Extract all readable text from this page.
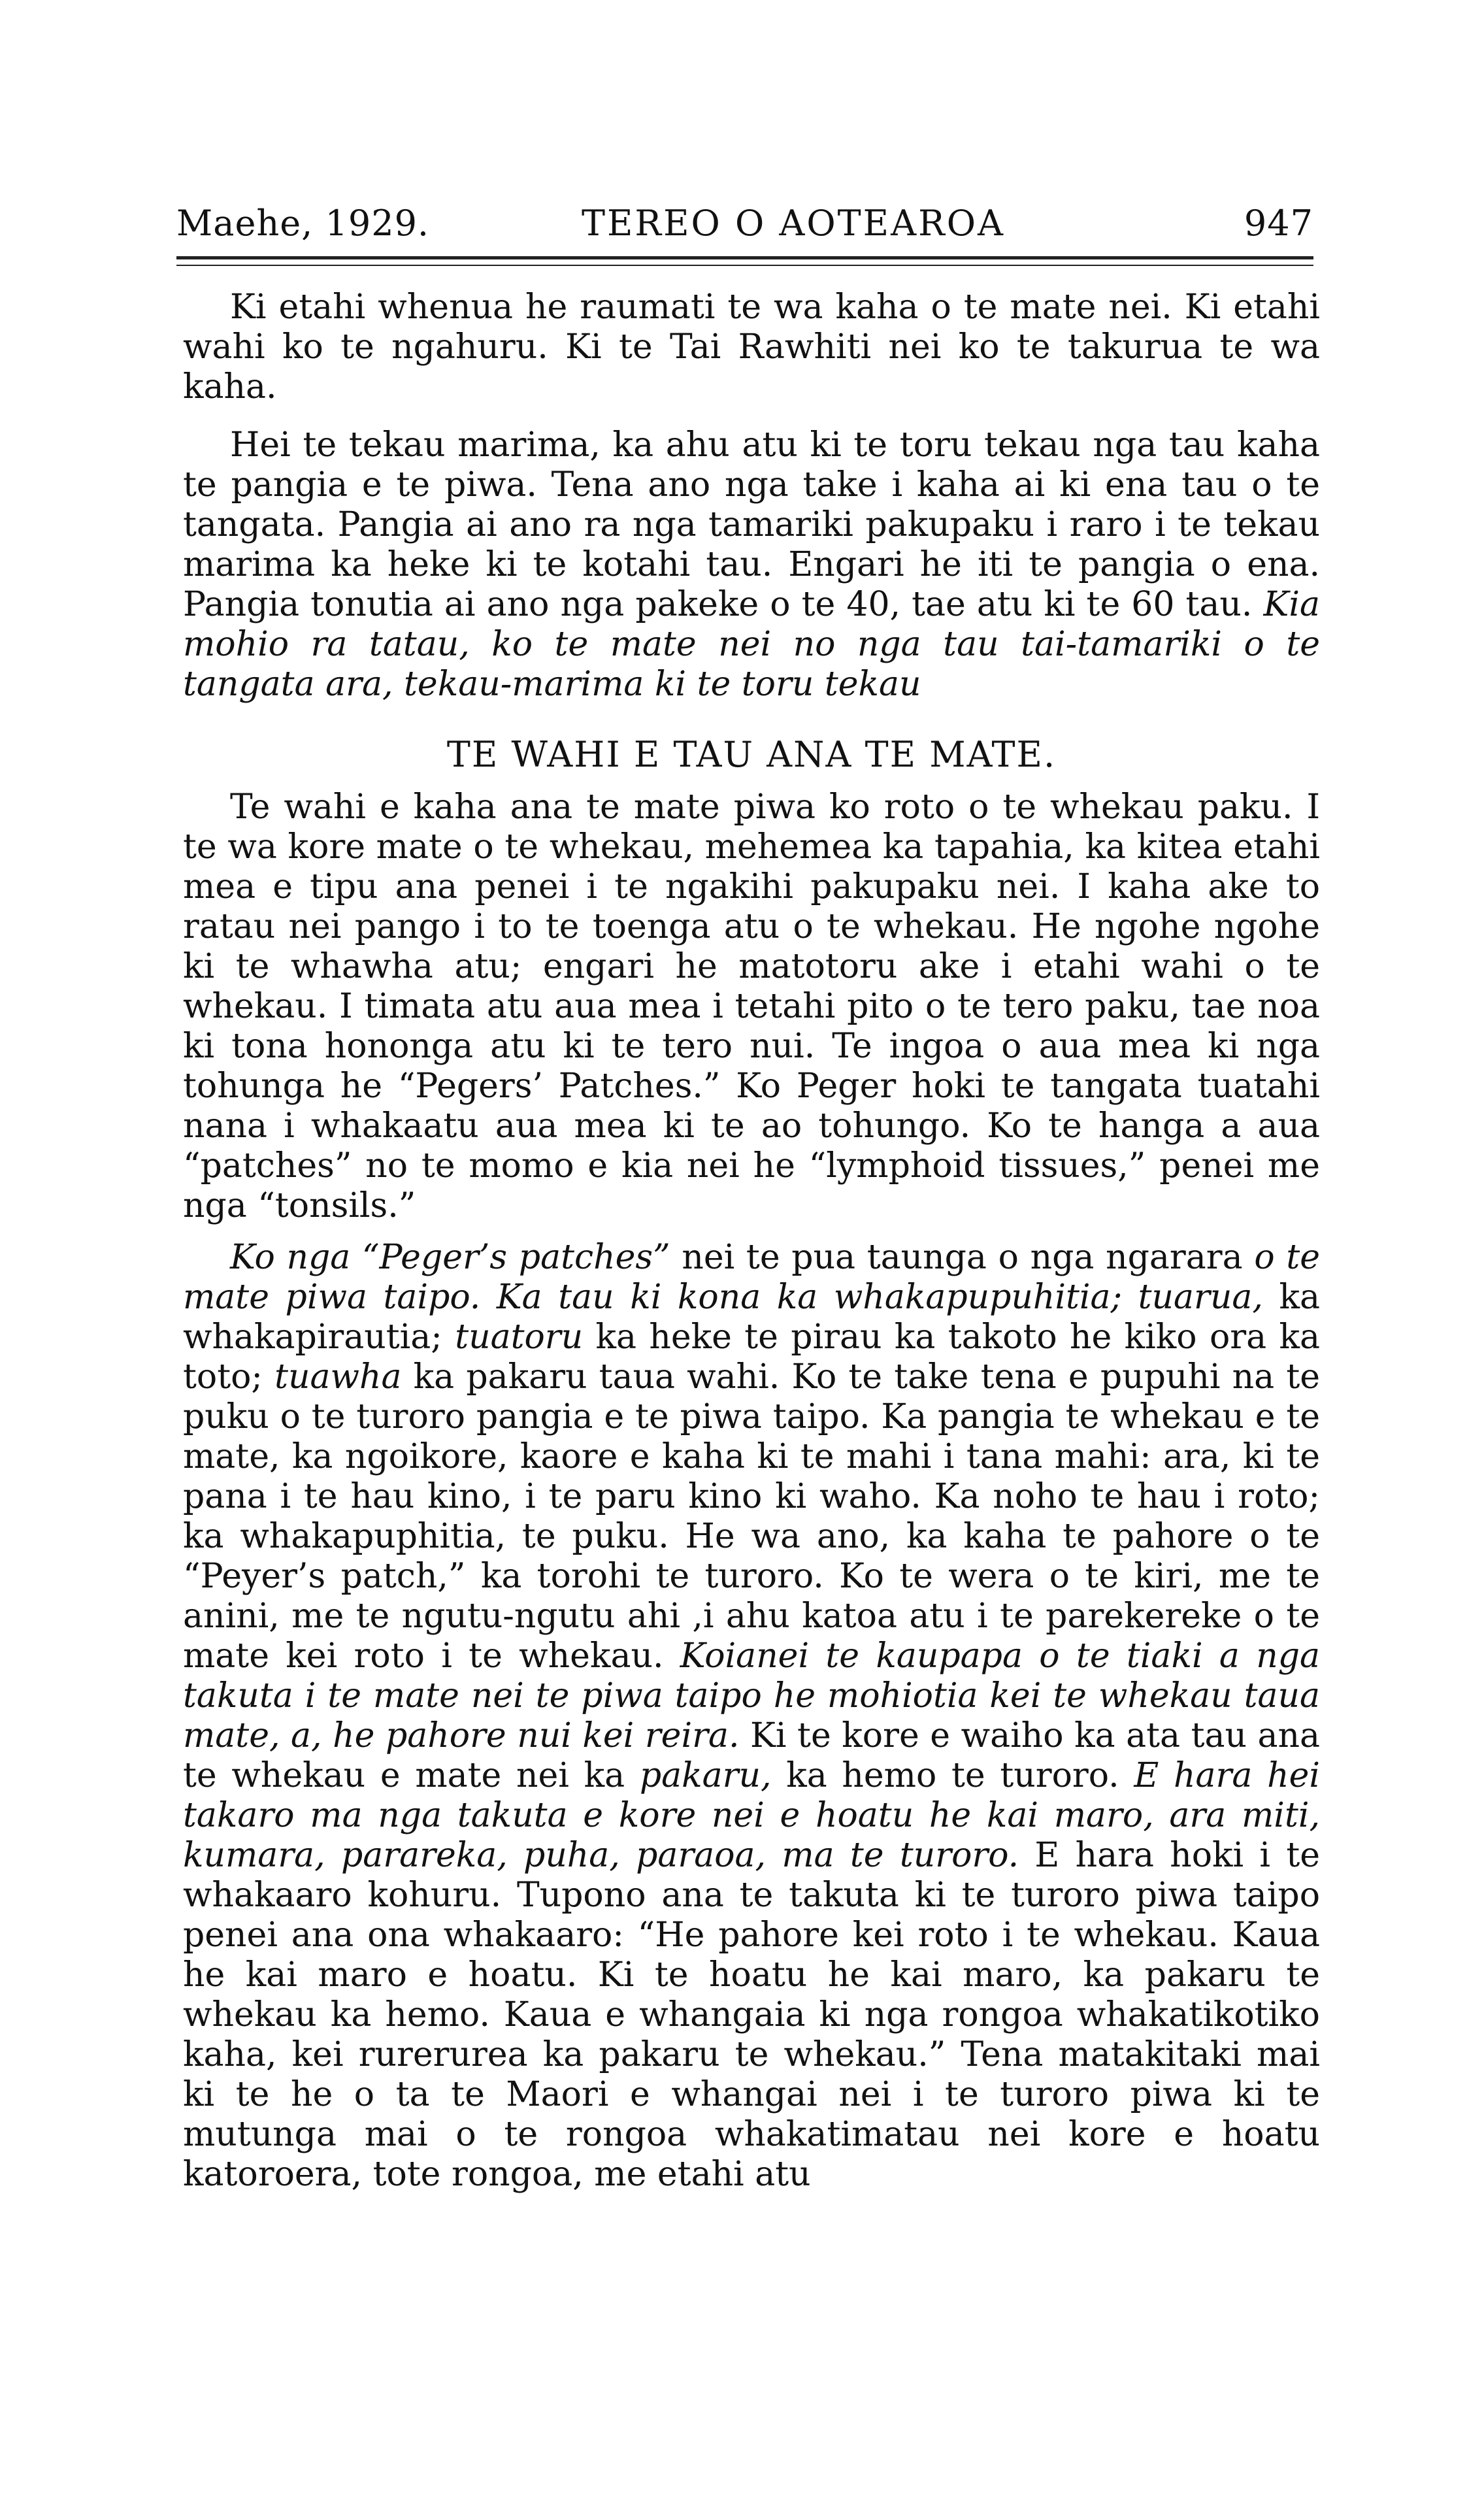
Maehe, 1929.	TEREO O AOTEAROA	947

Ki etahi whenua he raumati te wa kaha o te mate nei. Ki etahi wahi ko te ngahuru. Ki te Tai Rawhiti nei ko te takurua te wa kaha.

Hei te tekau marima, ka ahu atu ki te toru tekau nga tau kaha te pangia e te piwa. Tena ano nga take i kaha ai ki ena tau o te tangata. Pangia ai ano ra nga tamariki pakupaku i raro i te tekau marima ka heke ki te kotahi tau. Engari he iti te pangia o ena. Pangia tonutia ai ano nga pakeke o te 40, tae atu ki te 60 tau. Kia mohio ra tatau, ko te mate nei no nga tau tai-tamariki o te tangata ara, tekau-marima ki te toru tekau

TE WAHI E TAU ANA TE MATE.

Te wahi e kaha ana te mate piwa ko roto o te whekau paku. I te wa kore mate o te whekau, mehemea ka tapahia, ka kitea etahi mea e tipu ana penei i te ngakihi pakupaku nei. I kaha ake to ratau nei pango i to te toenga atu o te whekau. He ngohe ngohe ki te whawha atu; engari he matotoru ake i etahi wahi o te whekau. I timata atu aua mea i tetahi pito o te tero paku, tae noa ki tona hononga atu ki te tero nui. Te ingoa o aua mea ki nga tohunga he “Pegers’ Patches.” Ko Peger hoki te tangata tuatahi nana i whakaatu aua mea ki te ao tohungo. Ko te hanga a aua “patches” no te momo e kia nei he “lymphoid tissues,” penei me nga “tonsils.”

Ko nga “Peger’s patches” nei te pua taunga o nga ngarara o te mate piwa taipo. Ka tau ki kona ka whakapupuhitia; tuarua, ka whakapirautia; tuatoru ka heke te pirau ka takoto he kiko ora ka toto; tuawha ka pakaru taua wahi. Ko te take tena e pupuhi na te puku o te turoro pangia e te piwa taipo. Ka pangia te whekau e te mate, ka ngoikore, kaore e kaha ki te mahi i tana mahi: ara, ki te pana i te hau kino, i te paru kino ki waho. Ka noho te hau i roto; ka whakapuphitia, te puku. He wa ano, ka kaha te pahore o te “Peyer’s patch,” ka torohi te turoro. Ko te wera o te kiri, me te anini, me te ngutu-ngutu ahi ,i ahu katoa atu i te parekereke o te mate kei roto i te whekau. Koianei te kaupapa o te tiaki a nga takuta i te mate nei te piwa taipo he mohiotia kei te whekau taua mate, a, he pahore nui kei reira. Ki te kore e waiho ka ata tau ana te whekau e mate nei ka pakaru, ka hemo te turoro. E hara hei takaro ma nga takuta e kore nei e hoatu he kai maro, ara miti, kumara, parareka, puha, paraoa, ma te turoro. E hara hoki i te whakaaro kohuru. Tupono ana te takuta ki te turoro piwa taipo penei ana ona whakaaro: “He pahore kei roto i te whekau. Kaua he kai maro e hoatu. Ki te hoatu he kai maro, ka pakaru te whekau ka hemo. Kaua e whangaia ki nga rongoa whakatikotiko kaha, kei rurerurea ka pakaru te whekau.” Tena matakitaki mai ki te he o ta te Maori e whangai nei i te turoro piwa ki te mutunga mai o te rongoa whakatimatau nei kore e hoatu katoroera, tote rongoa, me etahi atu
